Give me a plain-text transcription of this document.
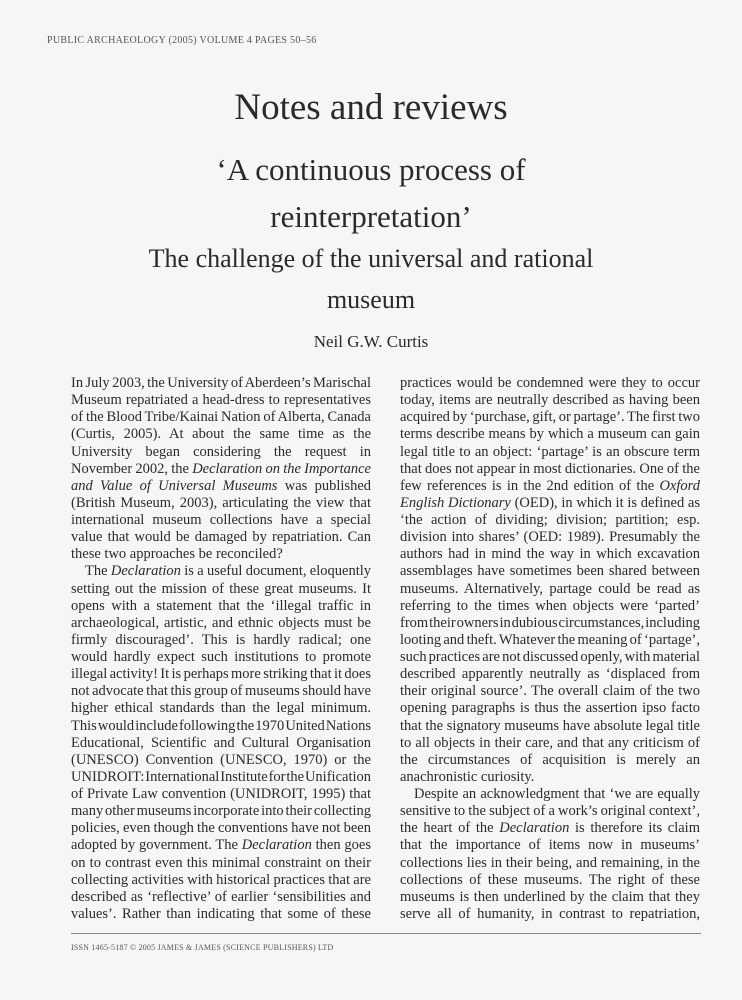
PUBLIC ARCHAEOLOGY (2005) VOLUME 4 PAGES 50–56
Notes and reviews
‘A continuous process of
reinterpretation’
The challenge of the universal and rational
museum
Neil G.W. Curtis
In July 2003, the University of Aberdeen’s Marischal
Museum repatriated a head-dress to representatives
of the Blood Tribe/Kainai Nation of Alberta, Canada
(Curtis, 2005). At about the same time as the
University began considering the request in
November 2002, the Declaration on the Importance
and Value of Universal Museums was published
(British Museum, 2003), articulating the view that
international museum collections have a special
value that would be damaged by repatriation. Can
these two approaches be reconciled?
The Declaration is a useful document, eloquently
setting out the mission of these great museums. It
opens with a statement that the ‘illegal traffic in
archaeological, artistic, and ethnic objects must be
firmly discouraged’. This is hardly radical; one
would hardly expect such institutions to promote
illegal activity! It is perhaps more striking that it does
not advocate that this group of museums should have
higher ethical standards than the legal minimum.
This would include following the 1970 United Nations
Educational, Scientific and Cultural Organisation
(UNESCO) Convention (UNESCO, 1970) or the
UNIDROIT: International Institute for the Unification
of Private Law convention (UNIDROIT, 1995) that
many other museums incorporate into their collecting
policies, even though the conventions have not been
adopted by government. The Declaration then goes
on to contrast even this minimal constraint on their
collecting activities with historical practices that are
described as ‘reflective’ of earlier ‘sensibilities and
values’. Rather than indicating that some of these
practices would be condemned were they to occur
today, items are neutrally described as having been
acquired by ‘purchase, gift, or partage’. The first two
terms describe means by which a museum can gain
legal title to an object: ‘partage’ is an obscure term
that does not appear in most dictionaries. One of the
few references is in the 2nd edition of the Oxford
English Dictionary (OED), in which it is defined as
‘the action of dividing; division; partition; esp.
division into shares’ (OED: 1989). Presumably the
authors had in mind the way in which excavation
assemblages have sometimes been shared between
museums. Alternatively, partage could be read as
referring to the times when objects were ‘parted’
from their owners in dubious circumstances, including
looting and theft. Whatever the meaning of ‘partage’,
such practices are not discussed openly, with material
described apparently neutrally as ‘displaced from
their original source’. The overall claim of the two
opening paragraphs is thus the assertion ipso facto
that the signatory museums have absolute legal title
to all objects in their care, and that any criticism of
the circumstances of acquisition is merely an
anachronistic curiosity.
Despite an acknowledgment that ‘we are equally
sensitive to the subject of a work’s original context’,
the heart of the Declaration is therefore its claim
that the importance of items now in museums’
collections lies in their being, and remaining, in the
collections of these museums. The right of these
museums is then underlined by the claim that they
serve all of humanity, in contrast to repatriation,
ISSN 1465-5187 © 2005 JAMES & JAMES (SCIENCE PUBLISHERS) LTD
